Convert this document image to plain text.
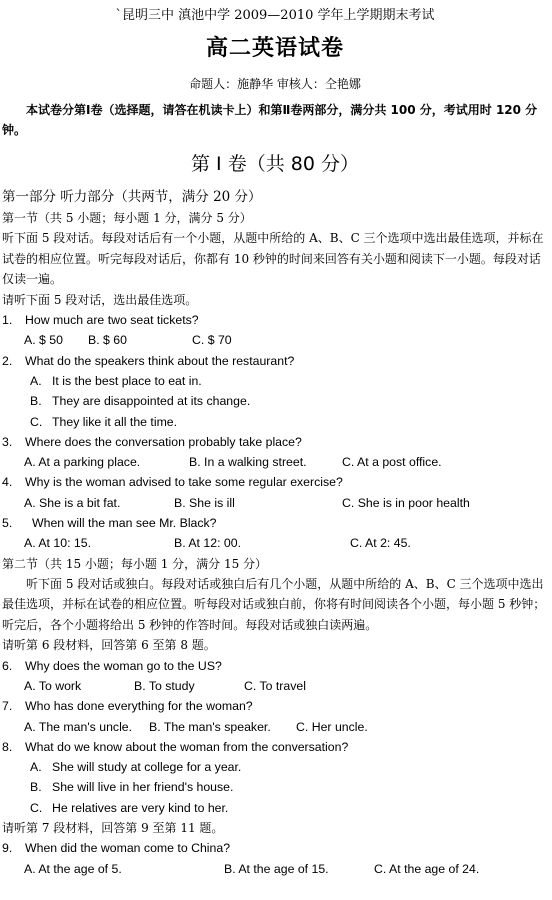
`昆明三中 滇池中学 2009—2010 学年上学期期末考试
高二英语试卷
命题人：施静华 审核人：仝艳娜
本试卷分第Ⅰ卷（选择题，请答在机读卡上）和第Ⅱ卷两部分，满分共 100 分，考试用时 120 分钟。
第 I 卷（共 80 分）
第一部分 听力部分（共两节，满分 20 分）
第一节（共 5 小题；每小题 1 分，满分 5 分）
听下面 5 段对话。每段对话后有一个小题，从题中所给的 A、B、C 三个选项中选出最佳选项，并标在试卷的相应位置。听完每段对话后，你都有 10 秒钟的时间来回答有关小题和阅读下一小题。每段对话仅读一遍。
请听下面 5 段对话，选出最佳选项。
1. How much are two seat tickets?
A. $ 50	B. $ 60	C. $ 70
2. What do the speakers think about the restaurant?
A. It is the best place to eat in.
B. They are disappointed at its change.
C. They like it all the time.
3. Where does the conversation probably take place?
A. At a parking place.	B. In a walking street.	C. At a post office.
4. Why is the woman advised to take some regular exercise?
A. She is a bit fat.	B. She is ill	C. She is in poor health
5. When will the man see Mr. Black?
A. At 10: 15.	B. At 12: 00.	C. At 2: 45.
第二节（共 15 小题；每小题 1 分，满分 15 分）
听下面 5 段对话或独白。每段对话或独白后有几个小题，从题中所给的 A、B、C 三个选项中选出最佳选项，并标在试卷的相应位置。听每段对话或独白前，你将有时间阅读各个小题，每小题 5 秒钟；听完后，各个小题将给出 5 秒钟的作答时间。每段对话或独白读两遍。
请听第 6 段材料，回答第 6 至第 8 题。
6. Why does the woman go to the US?
A. To work	B. To study	C. To travel
7. Who has done everything for the woman?
A. The man's uncle.	B. The man's speaker.	C. Her uncle.
8. What do we know about the woman from the conversation?
A. She will study at college for a year.
B. She will live in her friend's house.
C. He relatives are very kind to her.
请听第 7 段材料，回答第 9 至第 11 题。
9. When did the woman come to China?
A. At the age of 5.	B. At the age of 15.	C. At the age of 24.
